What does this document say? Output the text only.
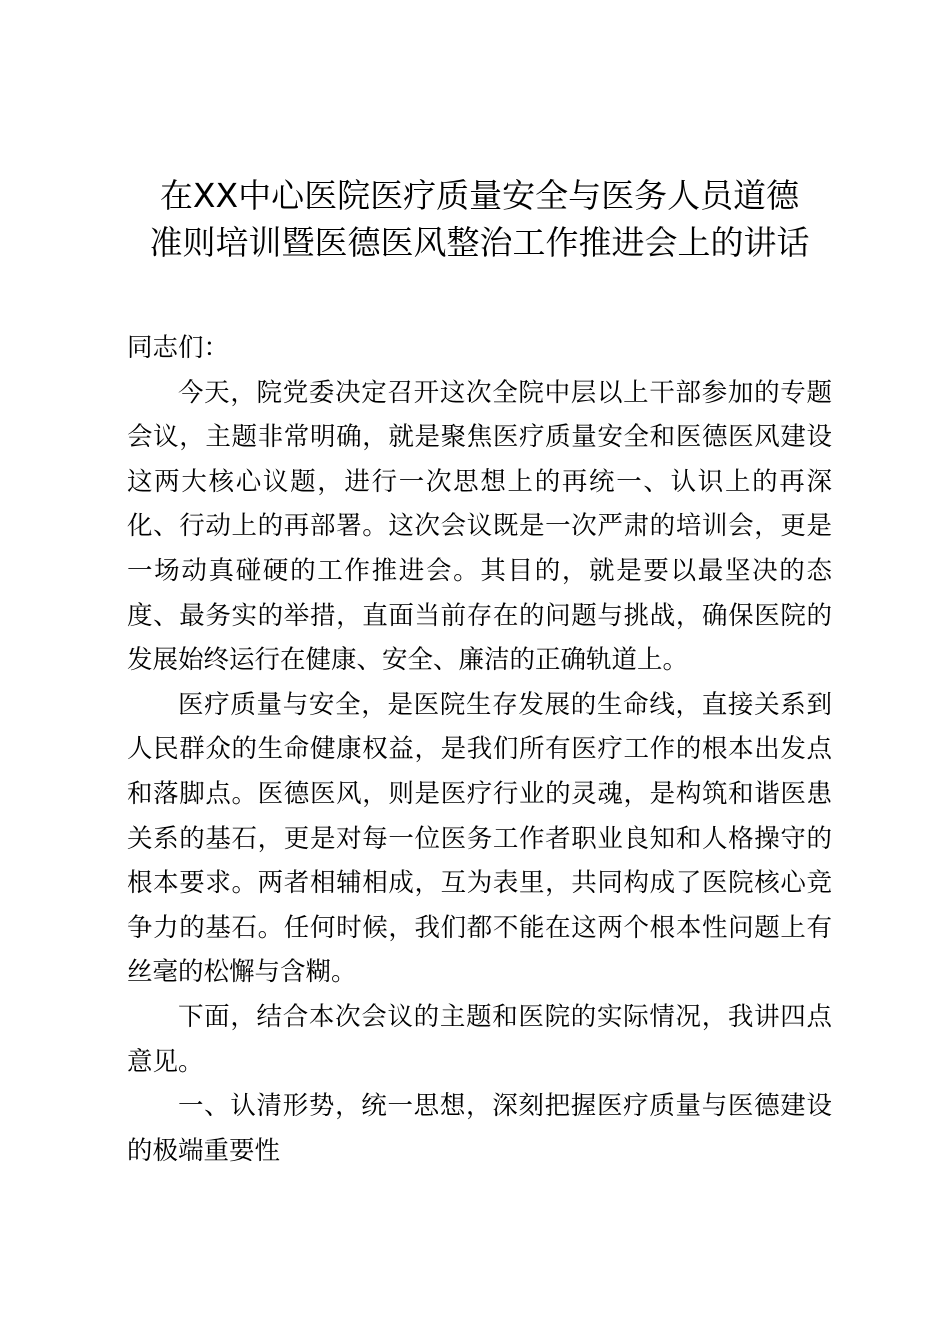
在XX中心医院医疗质量安全与医务人员道德
准则培训暨医德医风整治工作推进会上的讲话

同志们：

今天，院党委决定召开这次全院中层以上干部参加的专题会议，主题非常明确，就是聚焦医疗质量安全和医德医风建设这两大核心议题，进行一次思想上的再统一、认识上的再深化、行动上的再部署。这次会议既是一次严肃的培训会，更是一场动真碰硬的工作推进会。其目的，就是要以最坚决的态度、最务实的举措，直面当前存在的问题与挑战，确保医院的发展始终运行在健康、安全、廉洁的正确轨道上。

医疗质量与安全，是医院生存发展的生命线，直接关系到人民群众的生命健康权益，是我们所有医疗工作的根本出发点和落脚点。医德医风，则是医疗行业的灵魂，是构筑和谐医患关系的基石，更是对每一位医务工作者职业良知和人格操守的根本要求。两者相辅相成，互为表里，共同构成了医院核心竞争力的基石。任何时候，我们都不能在这两个根本性问题上有丝毫的松懈与含糊。

下面，结合本次会议的主题和医院的实际情况，我讲四点意见。

一、认清形势，统一思想，深刻把握医疗质量与医德建设的极端重要性
